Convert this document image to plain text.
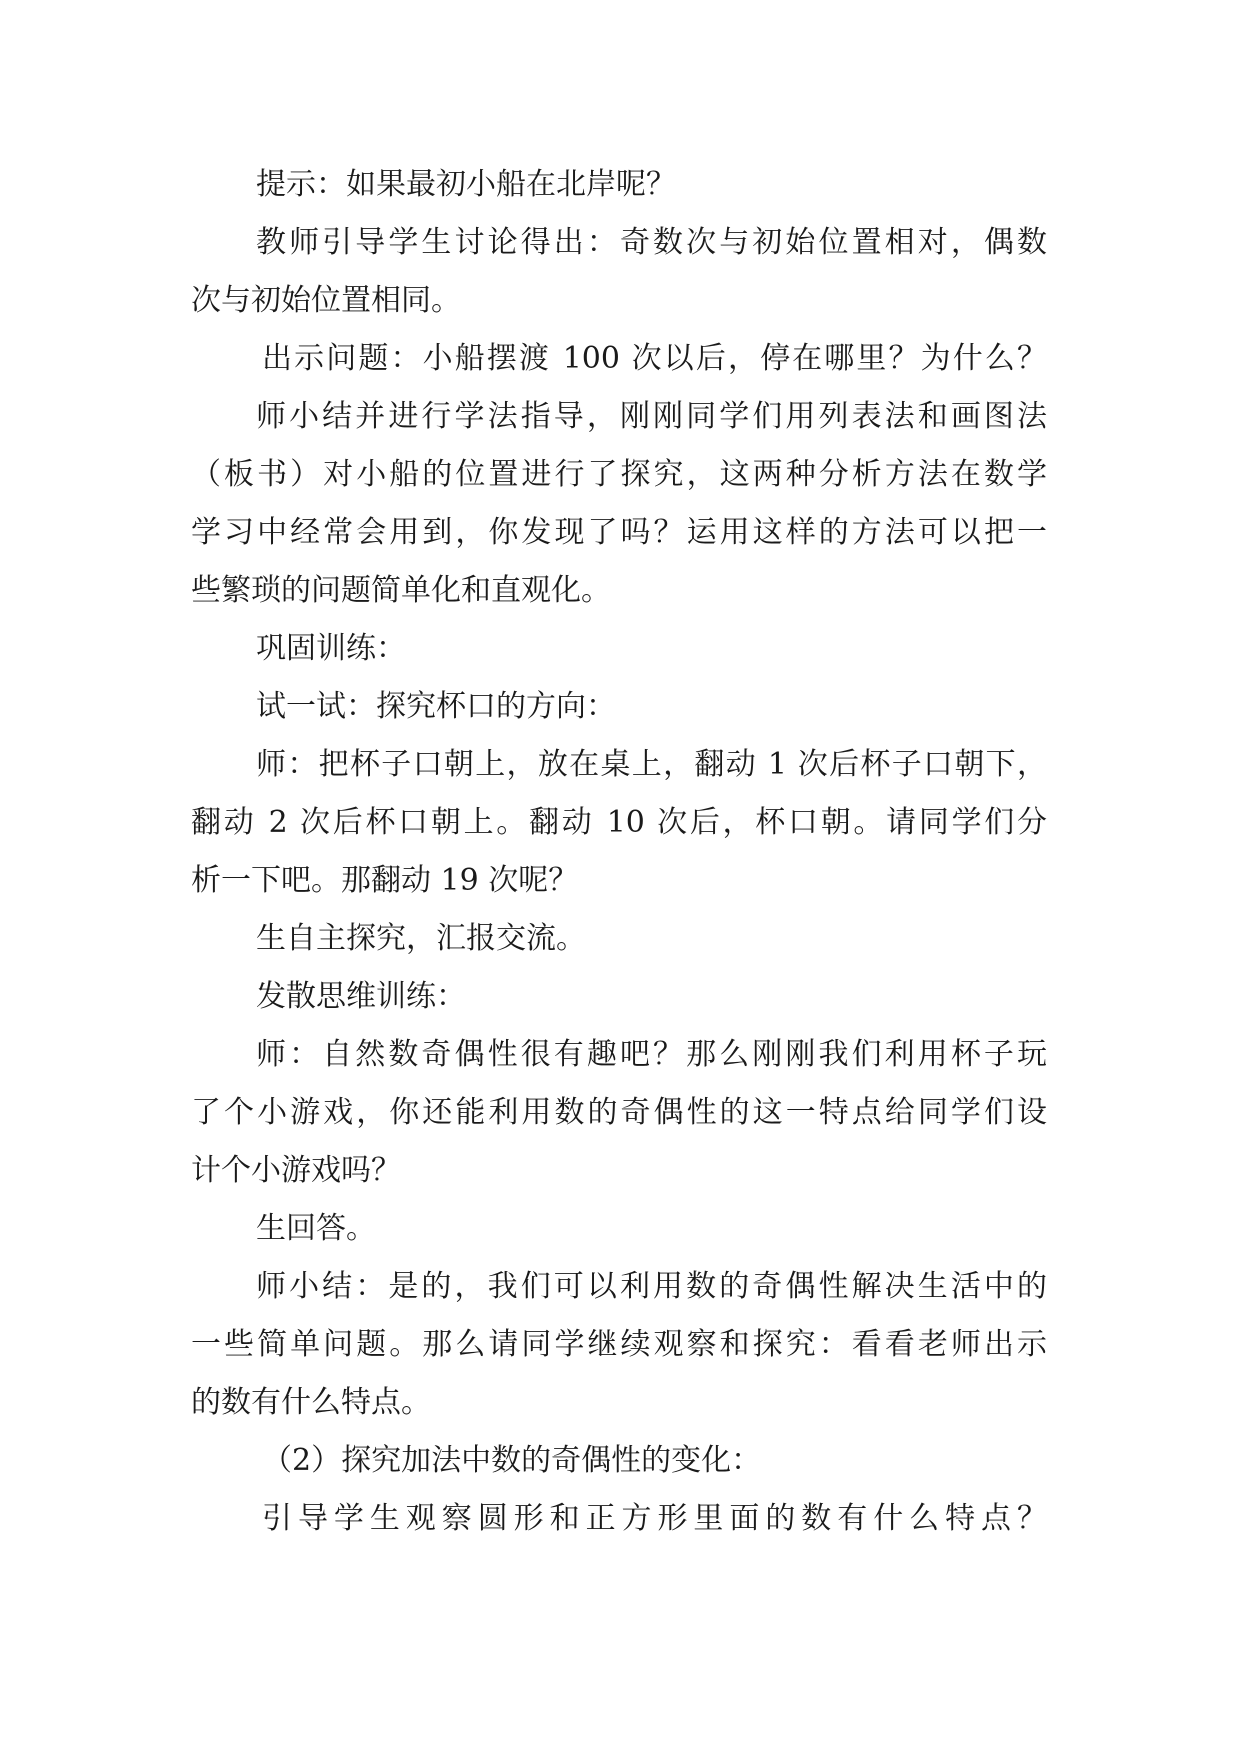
提示：如果最初小船在北岸呢？
教师引导学生讨论得出：奇数次与初始位置相对，偶数
次与初始位置相同。
出示问题：小船摆渡 100 次以后，停在哪里？为什么？
师小结并进行学法指导，刚刚同学们用列表法和画图法
（板书）对小船的位置进行了探究，这两种分析方法在数学
学习中经常会用到，你发现了吗？运用这样的方法可以把一
些繁琐的问题简单化和直观化。
巩固训练：
试一试：探究杯口的方向：
师：把杯子口朝上，放在桌上，翻动 1 次后杯子口朝下，
翻动 2 次后杯口朝上。翻动 10 次后，杯口朝。请同学们分
析一下吧。那翻动 19 次呢？
生自主探究，汇报交流。
发散思维训练：
师：自然数奇偶性很有趣吧？那么刚刚我们利用杯子玩
了个小游戏，你还能利用数的奇偶性的这一特点给同学们设
计个小游戏吗？
生回答。
师小结：是的，我们可以利用数的奇偶性解决生活中的
一些简单问题。那么请同学继续观察和探究：看看老师出示
的数有什么特点。
（2）探究加法中数的奇偶性的变化：
引导学生观察圆形和正方形里面的数有什么特点？
